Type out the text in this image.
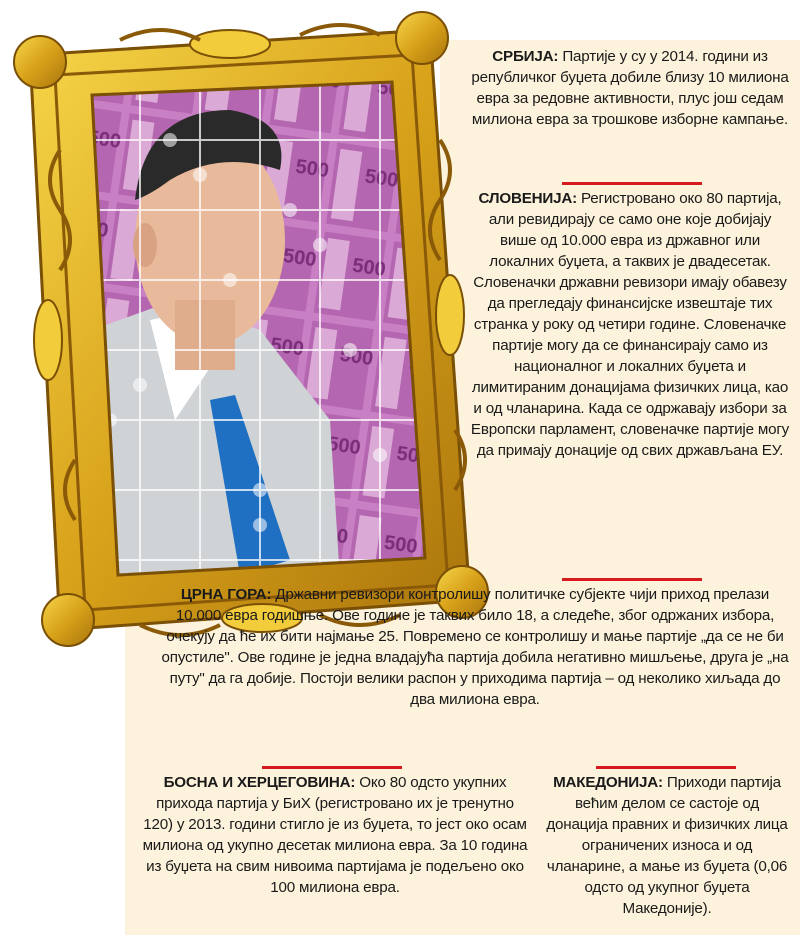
СРБИЈА: Партије у су у 2014. години из републичког буџета добиле близу 10 милиона евра за редовне активности, плус још седам милиона евра за трошкове изборне кампање.
СЛОВЕНИЈА: Регистровано око 80 партија, али ревидирају се само оне које добијају више од 10.000 евра из државног или локалних буџета, а таквих је двадесетак. Словеначки државни ревизори имају обавезу да прегледају финансијске извештаје тих странка у року од четири године. Словеначке партије могу да се финансирају само из националног и локалних буџета и лимитираним донацијама физичких лица, као и од чланарина. Када се одржавају избори за Европски парламент, словеначке партије могу да примају донације од свих држављана ЕУ.
ЦРНА ГОРА: Државни ревизори контролишу политичке субјекте чији приход прелази 10.000 евра годишње. Ове године је таквих било 18, а следеће, због одржаних избора, очекују да ће их бити најмање 25. Повремено се контролишу и мање партије „да се не би опустиле". Ове године је једна владајућа партија добила негативно мишљење, друга је „на путу" да га добије. Постоји велики распон у приходима партија – од неколико хиљада до два милиона евра.
БОСНА И ХЕРЦЕГОВИНА: Око 80 одсто укупних прихода партија у БиХ (регистровано их је тренутно 120) у 2013. години стигло је из буџета, то јест око осам милиона од укупно десетак милиона евра. За 10 година из буџета на свим нивоима партијама је подељено око 100 милиона евра.
МАКЕДОНИЈА: Приходи партија већим делом се састоје од донација правних и физичких лица ограничених износа и од чланарине, а мање из буџета (0,06 одсто од укупног буџета Македоније).
